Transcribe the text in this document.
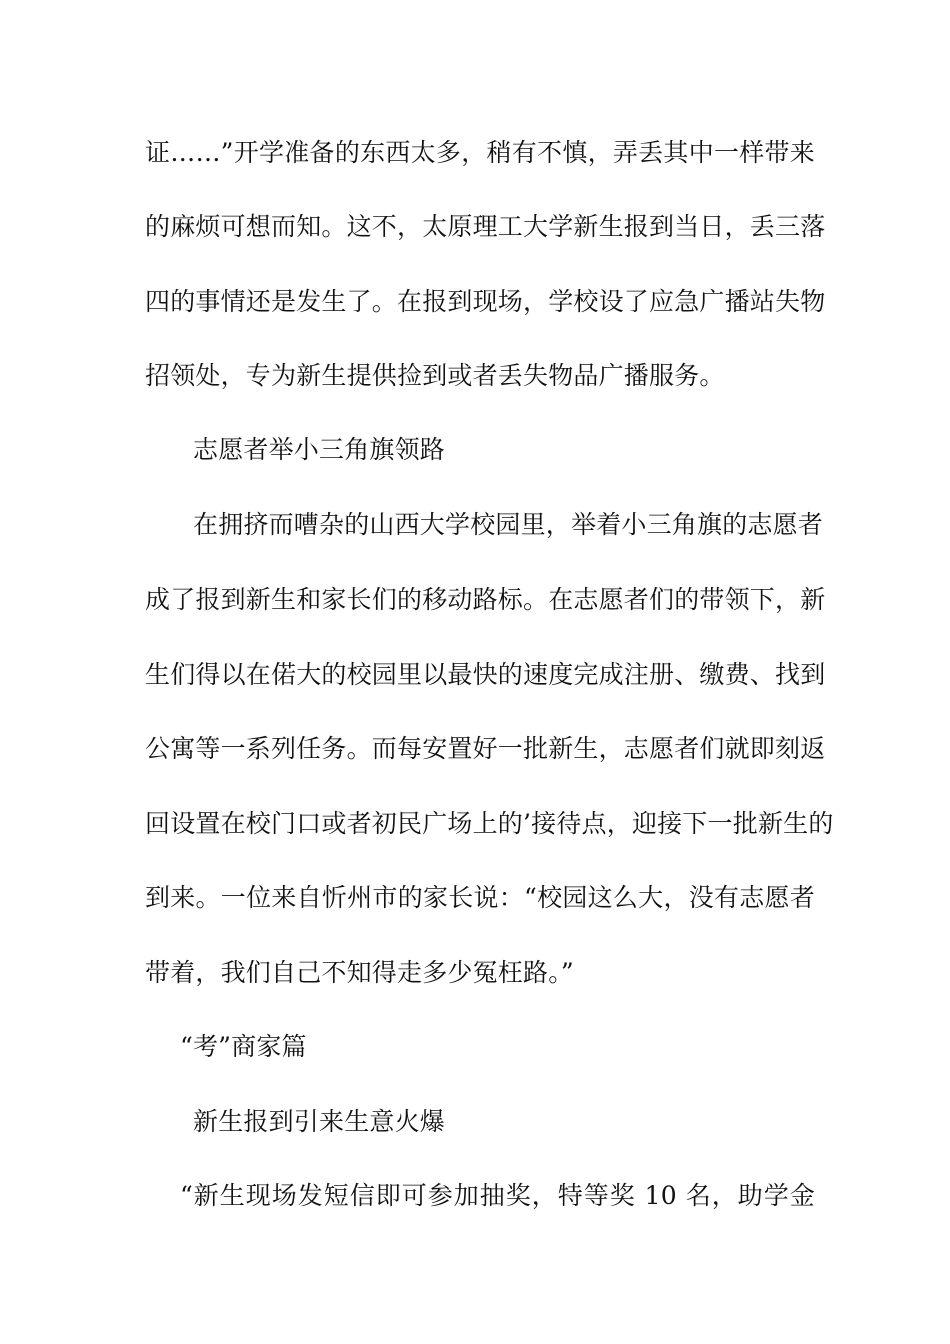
证……”开学准备的东西太多，稍有不慎，弄丢其中一样带来
的麻烦可想而知。这不，太原理工大学新生报到当日，丢三落
四的事情还是发生了。在报到现场，学校设了应急广播站失物
招领处，专为新生提供捡到或者丢失物品广播服务。
志愿者举小三角旗领路
在拥挤而嘈杂的山西大学校园里，举着小三角旗的志愿者
成了报到新生和家长们的移动路标。在志愿者们的带领下，新
生们得以在偌大的校园里以最快的速度完成注册、缴费、找到
公寓等一系列任务。而每安置好一批新生，志愿者们就即刻返
回设置在校门口或者初民广场上的’接待点，迎接下一批新生的
到来。一位来自忻州市的家长说：“校园这么大，没有志愿者
带着，我们自己不知得走多少冤枉路。”
“考”商家篇
新生报到引来生意火爆
“新生现场发短信即可参加抽奖，特等奖 10 名，助学金
